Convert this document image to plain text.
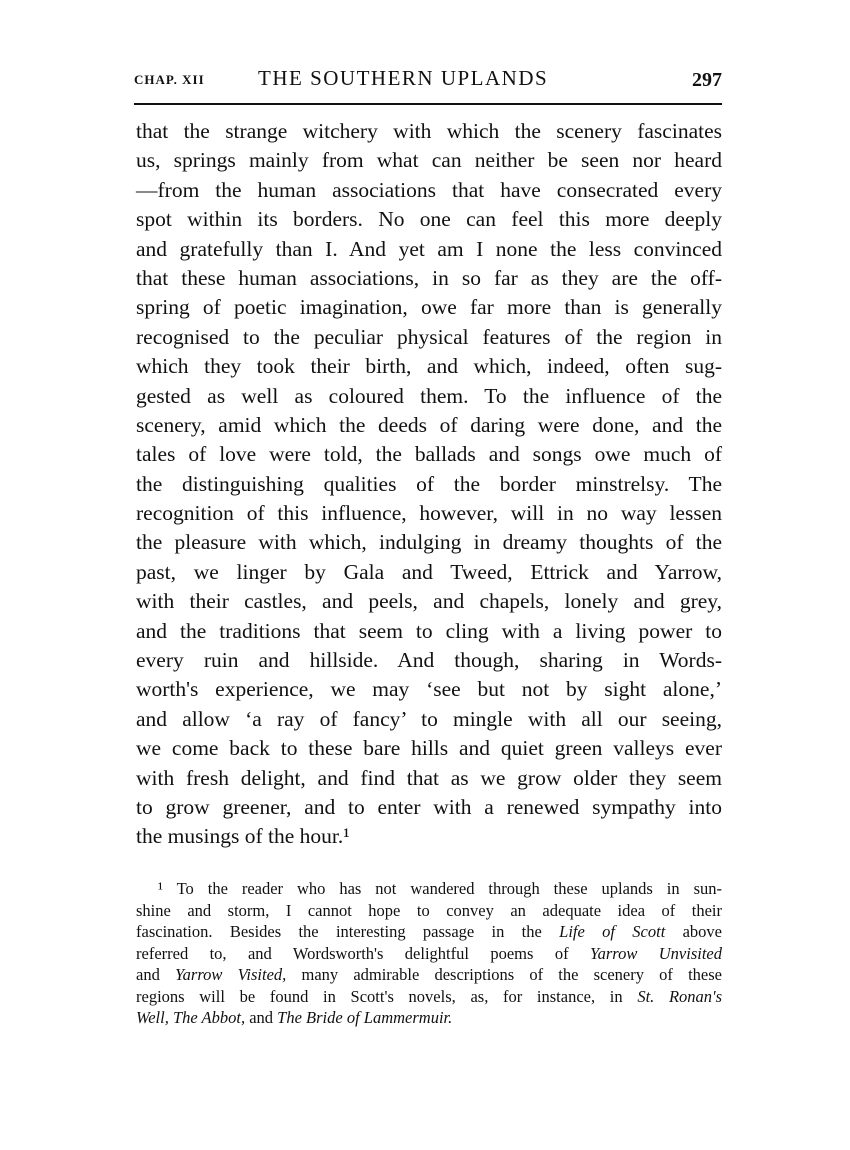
CHAP. XII	THE SOUTHERN UPLANDS	297
that the strange witchery with which the scenery fascinates
us, springs mainly from what can neither be seen nor heard
—from the human associations that have consecrated every
spot within its borders. No one can feel this more deeply
and gratefully than I. And yet am I none the less convinced
that these human associations, in so far as they are the off-
spring of poetic imagination, owe far more than is generally
recognised to the peculiar physical features of the region in
which they took their birth, and which, indeed, often sug-
gested as well as coloured them. To the influence of the
scenery, amid which the deeds of daring were done, and the
tales of love were told, the ballads and songs owe much of
the distinguishing qualities of the border minstrelsy. The
recognition of this influence, however, will in no way lessen
the pleasure with which, indulging in dreamy thoughts of the
past, we linger by Gala and Tweed, Ettrick and Yarrow,
with their castles, and peels, and chapels, lonely and grey,
and the traditions that seem to cling with a living power to
every ruin and hillside. And though, sharing in Words-
worth's experience, we may ‘see but not by sight alone,’
and allow ‘a ray of fancy’ to mingle with all our seeing,
we come back to these bare hills and quiet green valleys ever
with fresh delight, and find that as we grow older they seem
to grow greener, and to enter with a renewed sympathy into
the musings of the hour.¹
¹ To the reader who has not wandered through these uplands in sun-
shine and storm, I cannot hope to convey an adequate idea of their
fascination. Besides the interesting passage in the Life of Scott above
referred to, and Wordsworth's delightful poems of Yarrow Unvisited
and Yarrow Visited, many admirable descriptions of the scenery of these
regions will be found in Scott's novels, as, for instance, in St. Ronan's
Well, The Abbot, and The Bride of Lammermuir.
